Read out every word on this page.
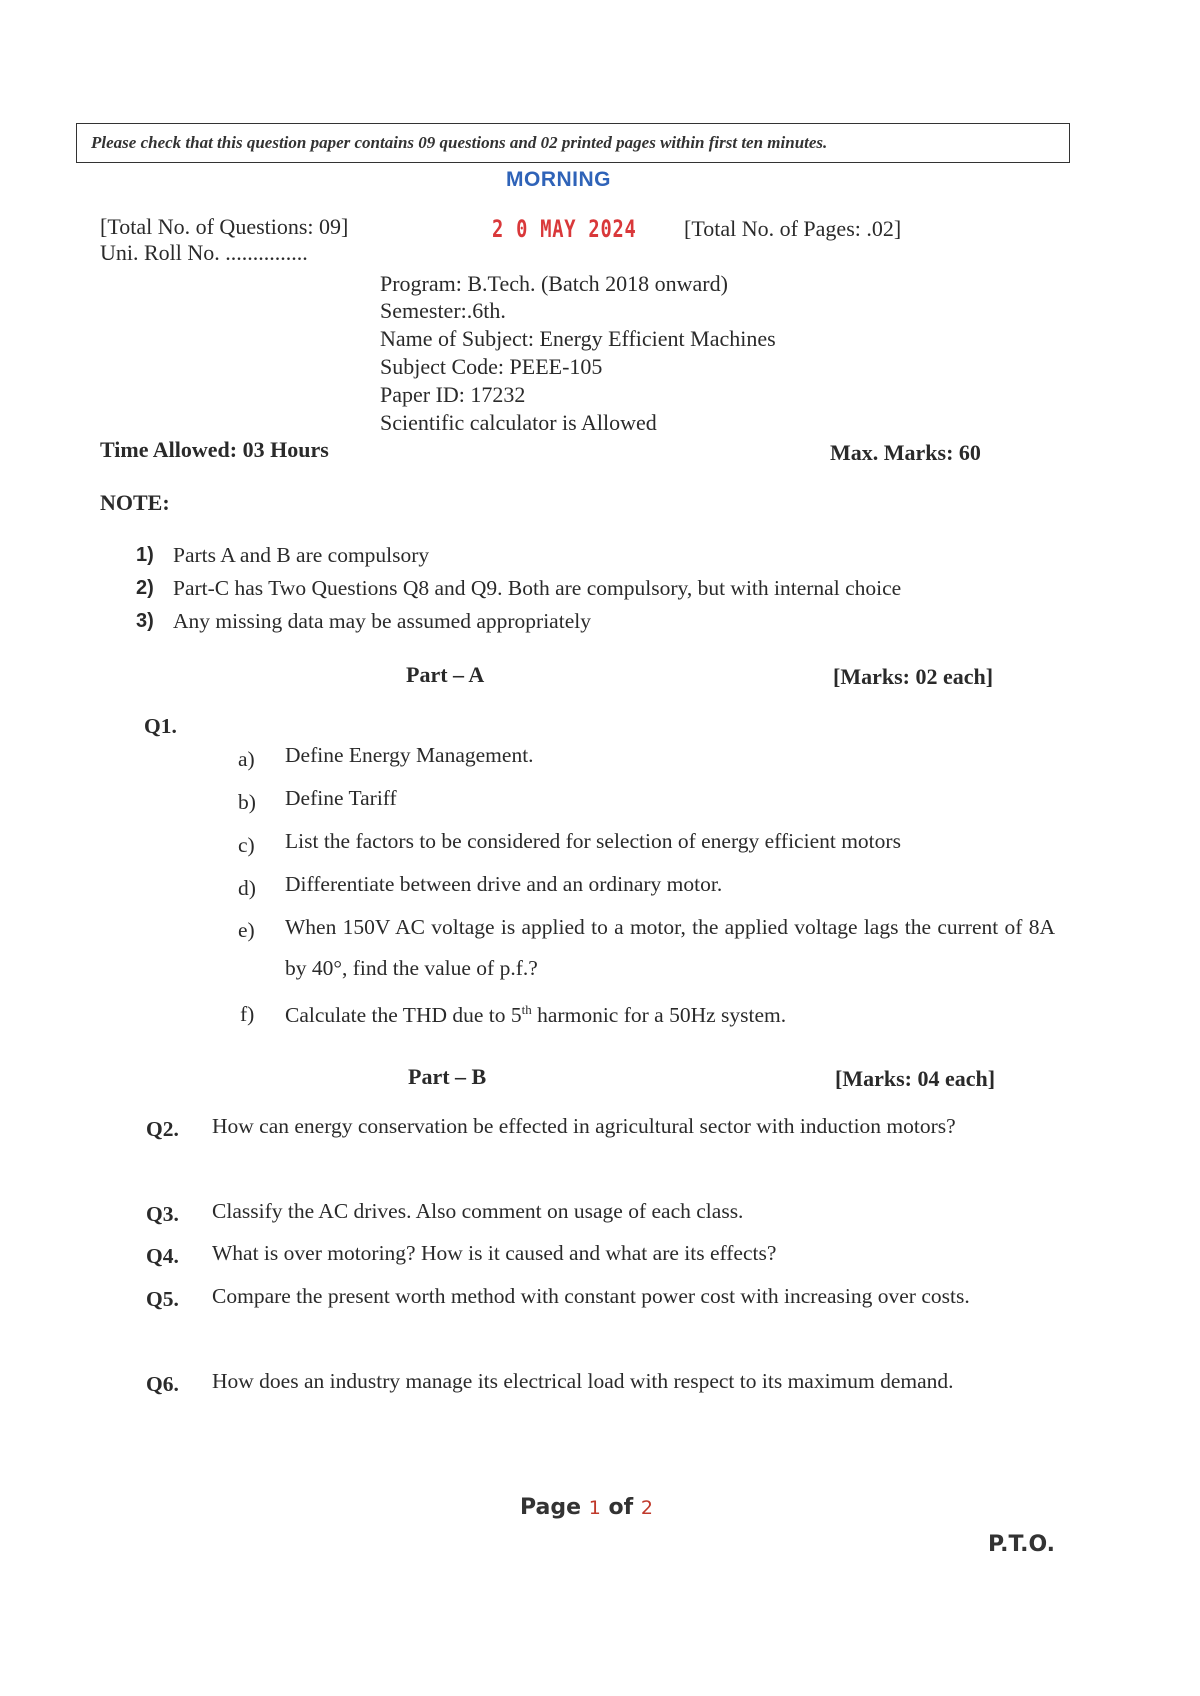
Please check that this question paper contains 09 questions and 02 printed pages within first ten minutes.
MORNING
2 0 MAY 2024
[Total No. of Questions: 09]
Uni. Roll No. ...............
[Total No. of Pages: .02]
Program: B.Tech. (Batch 2018 onward)
Semester:.6th.
Name of Subject: Energy Efficient Machines
Subject Code: PEEE-105
Paper ID: 17232
Scientific calculator is Allowed
Time Allowed: 03 Hours	Max. Marks: 60
NOTE:
1) Parts A and B are compulsory
2) Part-C has Two Questions Q8 and Q9. Both are compulsory, but with internal choice
3) Any missing data may be assumed appropriately
Part – A	[Marks: 02 each]
Q1.
a) Define Energy Management.
b) Define Tariff
c) List the factors to be considered for selection of energy efficient motors
d) Differentiate between drive and an ordinary motor.
e) When 150V AC voltage is applied to a motor, the applied voltage lags the current of 8A by 40°, find the value of p.f.?
f) Calculate the THD due to 5th harmonic for a 50Hz system.
Part – B	[Marks: 04 each]
Q2. How can energy conservation be effected in agricultural sector with induction motors?
Q3. Classify the AC drives. Also comment on usage of each class.
Q4. What is over motoring? How is it caused and what are its effects?
Q5. Compare the present worth method with constant power cost with increasing over costs.
Q6. How does an industry manage its electrical load with respect to its maximum demand.
Page 1 of 2
P.T.O.
